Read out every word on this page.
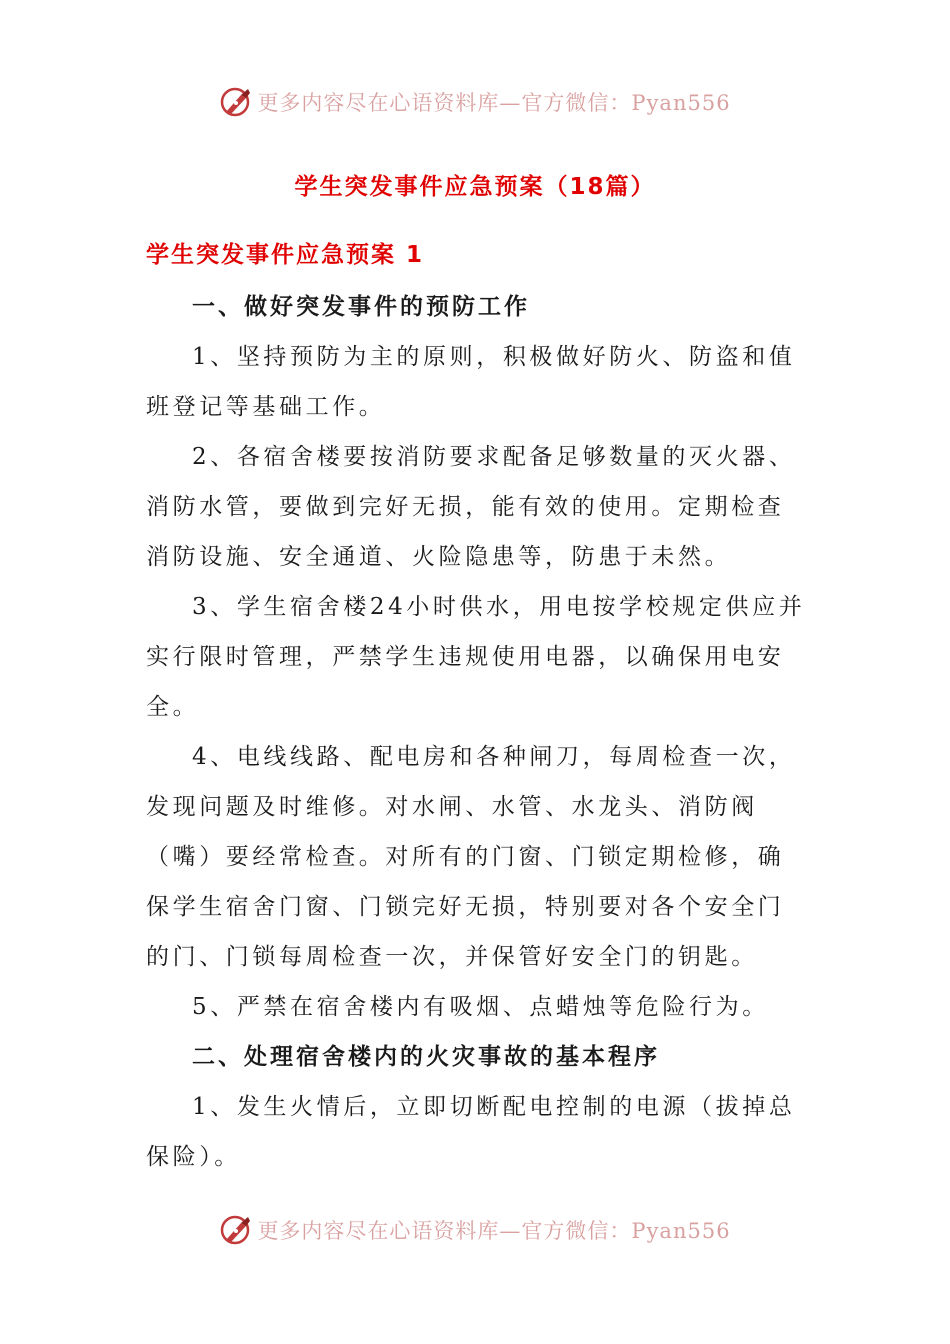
更多内容尽在心语资料库—官方微信：Pyan556
学生突发事件应急预案（18篇）
学生突发事件应急预案 1

一、做好突发事件的预防工作

1、坚持预防为主的原则，积极做好防火、防盗和值班登记等基础工作。

2、各宿舍楼要按消防要求配备足够数量的灭火器、消防水管，要做到完好无损，能有效的使用。定期检查消防设施、安全通道、火险隐患等，防患于未然。

3、学生宿舍楼24小时供水，用电按学校规定供应并实行限时管理，严禁学生违规使用电器，以确保用电安全。

4、电线线路、配电房和各种闸刀，每周检查一次，发现问题及时维修。对水闸、水管、水龙头、消防阀（嘴）要经常检查。对所有的门窗、门锁定期检修，确保学生宿舍门窗、门锁完好无损，特别要对各个安全门的门、门锁每周检查一次，并保管好安全门的钥匙。

5、严禁在宿舍楼内有吸烟、点蜡烛等危险行为。

二、处理宿舍楼内的火灾事故的基本程序

1、发生火情后，立即切断配电控制的电源（拔掉总保险）。

更多内容尽在心语资料库—官方微信：Pyan556
